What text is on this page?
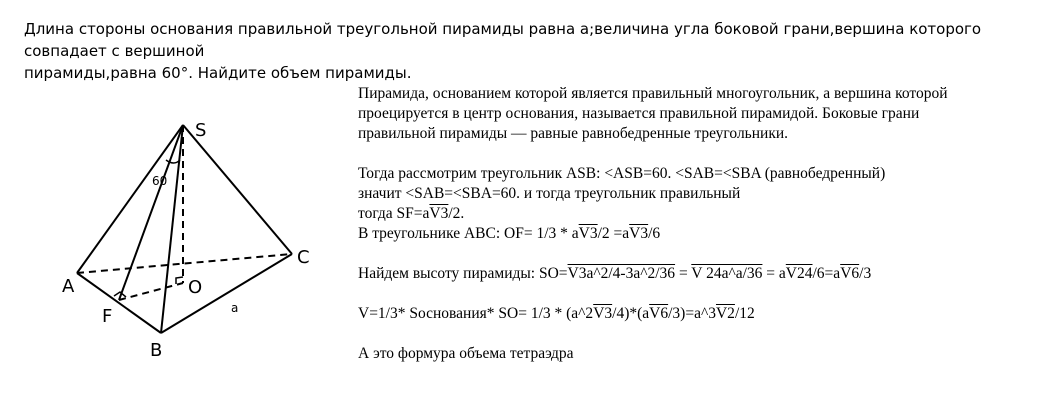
Длина стороны основания правильной треугольной пирамиды равна а;величина угла боковой грани,вершина которого совпадает с вершиной
пирамиды,равна 60°. Найдите объем пирамиды.
S
A
B
C
O
F	a
60

Пирамида, основанием которой является правильный многоугольник, а вершина которой

проецируется в центр основания, называется правильной пирамидой. Боковые грани

правильной пирамиды — равные равнобедренные треугольники.

Тогда рассмотрим треугольник ASB: <ASB=60. <SAB=<SBA (равнобедренный)

значит <SAB=<SBA=60. и тогда треугольник правильный

тогда SF=aV3/2.

В треугольнике АВС: OF= 1/3 * aV3/2 =aV3/6

Найдем высоту пирамиды: SO=V3a^2/4-3a^2/36 = V 24a^a/36 = aV24/6=aV6/3

V=1/3* Sоснования* SO= 1/3 * (a^2V3/4)*(aV6/3)=a^3V2/12

А это формура объема тетраэдра
